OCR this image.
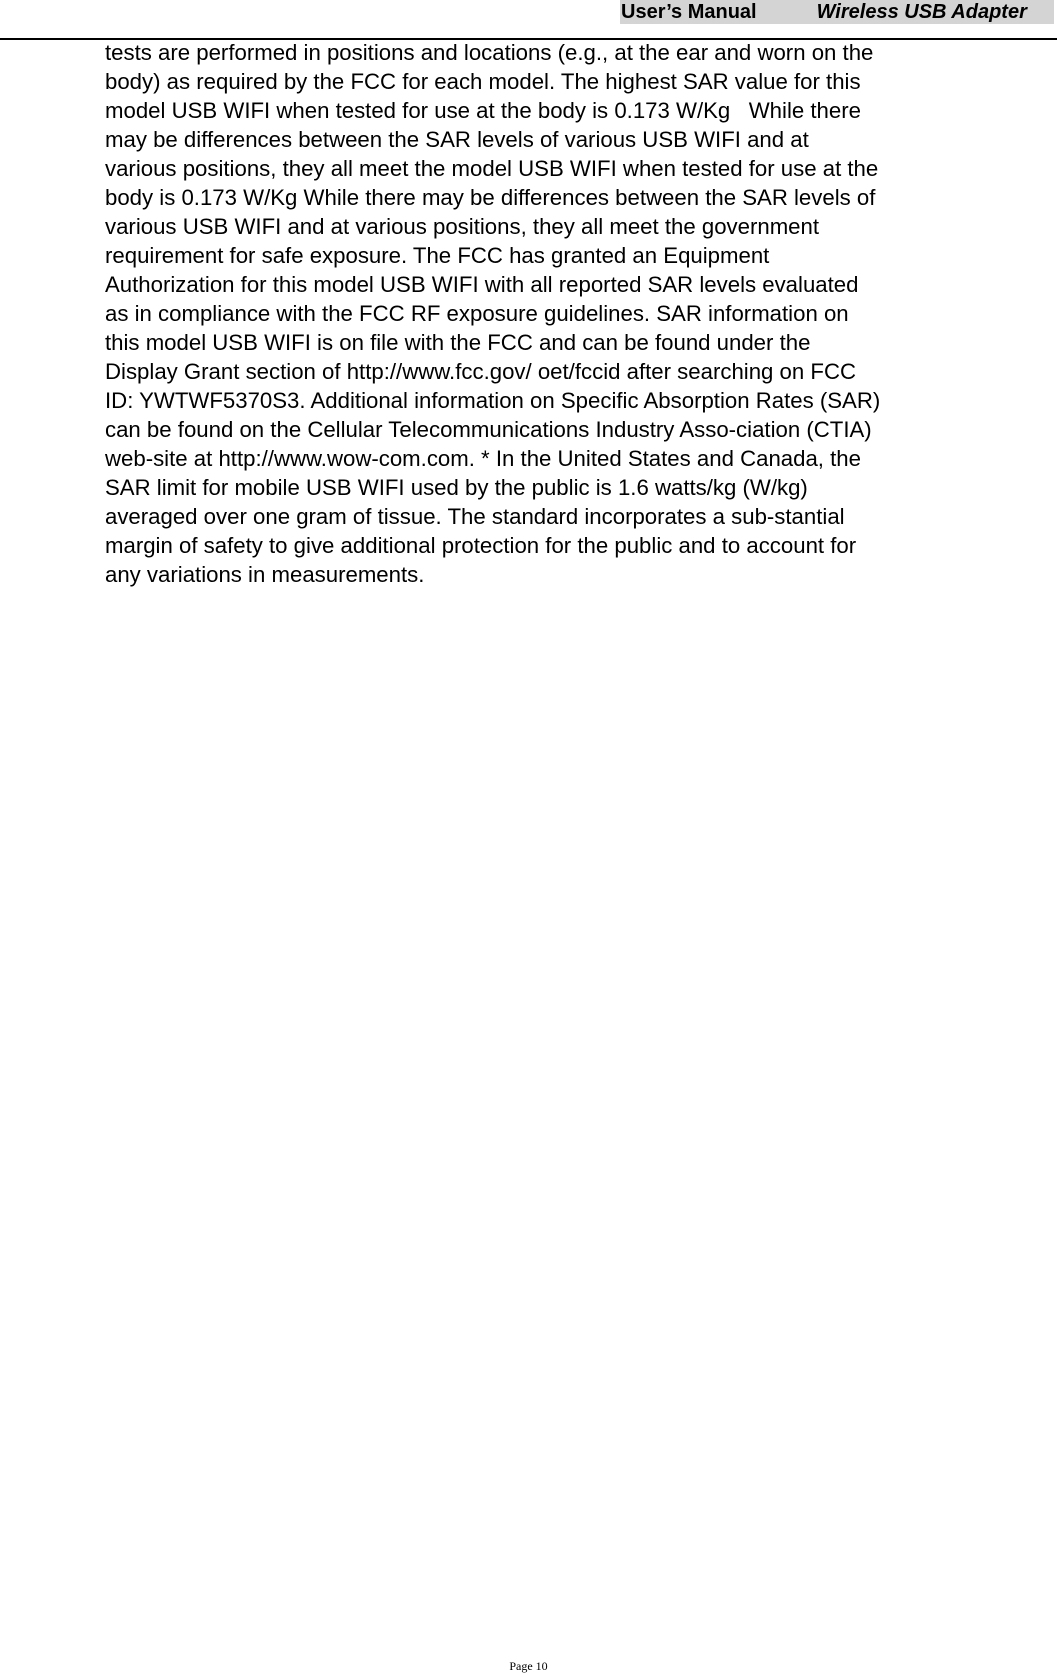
User’s Manual	Wireless USB Adapter

tests are performed in positions and locations (e.g., at the ear and worn on the
body) as required by the FCC for each model. The highest SAR value for this
model USB WIFI when tested for use at the body is 0.173 W/Kg   While there
may be differences between the SAR levels of various USB WIFI and at
various positions, they all meet the model USB WIFI when tested for use at the
body is 0.173 W/Kg While there may be differences between the SAR levels of
various USB WIFI and at various positions, they all meet the government
requirement for safe exposure. The FCC has granted an Equipment
Authorization for this model USB WIFI with all reported SAR levels evaluated
as in compliance with the FCC RF exposure guidelines. SAR information on
this model USB WIFI is on file with the FCC and can be found under the
Display Grant section of http://www.fcc.gov/ oet/fccid after searching on FCC
ID: YWTWF5370S3. Additional information on Specific Absorption Rates (SAR)
can be found on the Cellular Telecommunications Industry Asso-ciation (CTIA)
web-site at http://www.wow-com.com. * In the United States and Canada, the
SAR limit for mobile USB WIFI used by the public is 1.6 watts/kg (W/kg)
averaged over one gram of tissue. The standard incorporates a sub-stantial
margin of safety to give additional protection for the public and to account for
any variations in measurements.

Page 10
